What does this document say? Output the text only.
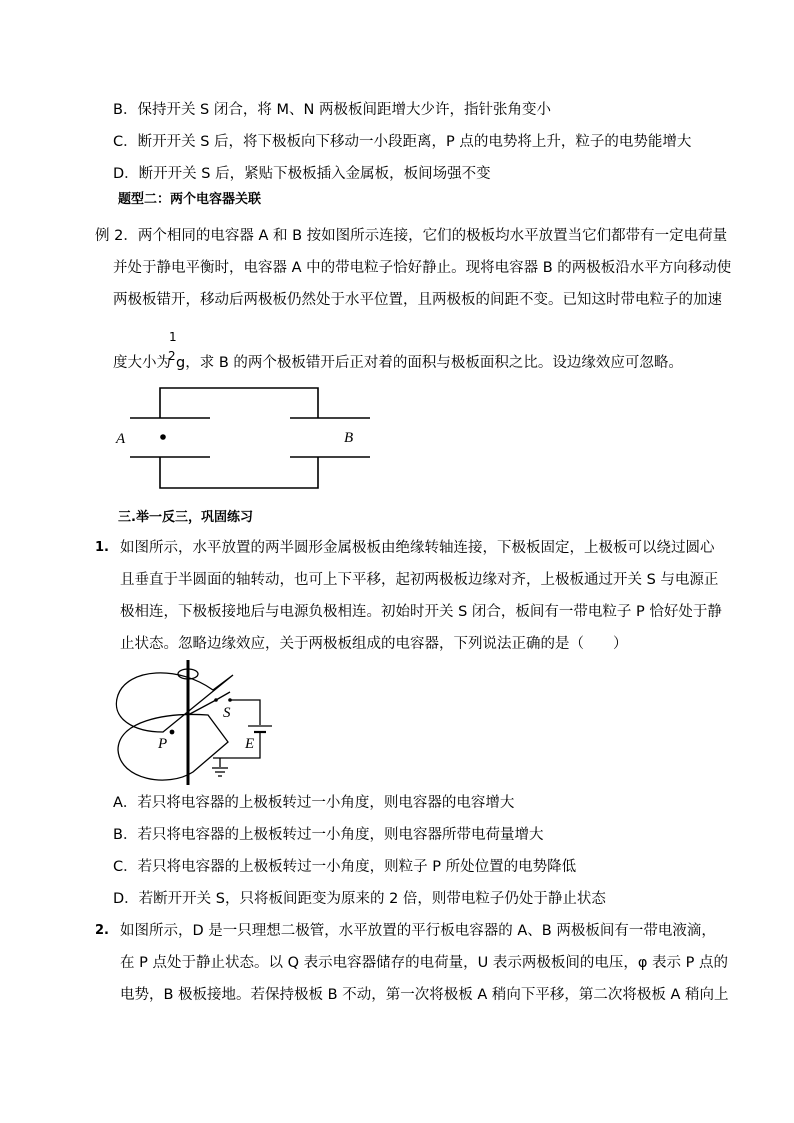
B．保持开关 S 闭合，将 M、N 两极板间距增大少许，指针张角变小
C．断开开关 S 后，将下极板向下移动一小段距离，P 点的电势将上升，粒子的电势能增大
D．断开开关 S 后，紧贴下极板插入金属板，板间场强不变
题型二：两个电容器关联
例 2．两个相同的电容器 A 和 B 按如图所示连接，它们的极板均水平放置当它们都带有一定电荷量
并处于静电平衡时，电容器 A 中的带电粒子恰好静止。现将电容器 B 的两极板沿水平方向移动使
两极板错开，移动后两极板仍然处于水平位置，且两极板的间距不变。已知这时带电粒子的加速
度大小为
1
2 g，求 B 的两个极板错开后正对着的面积与极板面积之比。设边缘效应可忽略。
A	B
三.举一反三，巩固练习
1. 如图所示，水平放置的两半圆形金属极板由绝缘转轴连接，下极板固定，上极板可以绕过圆心
且垂直于半圆面的轴转动，也可上下平移，起初两极板边缘对齐，上极板通过开关 S 与电源正
极相连，下极板接地后与电源负极相连。初始时开关 S 闭合，板间有一带电粒子 P 恰好处于静
止状态。忽略边缘效应，关于两极板组成的电容器，下列说法正确的是（　　）
S
P	E
A．若只将电容器的上极板转过一小角度，则电容器的电容增大
B．若只将电容器的上极板转过一小角度，则电容器所带电荷量增大
C．若只将电容器的上极板转过一小角度，则粒子 P 所处位置的电势降低
D．若断开开关 S，只将板间距变为原来的 2 倍，则带电粒子仍处于静止状态
2. 如图所示，D 是一只理想二极管，水平放置的平行板电容器的 A、B 两极板间有一带电液滴，
在 P 点处于静止状态。以 Q 表示电容器储存的电荷量，U 表示两极板间的电压，φ 表示 P 点的
电势，B 极板接地。若保持极板 B 不动，第一次将极板 A 稍向下平移，第二次将极板 A 稍向上
